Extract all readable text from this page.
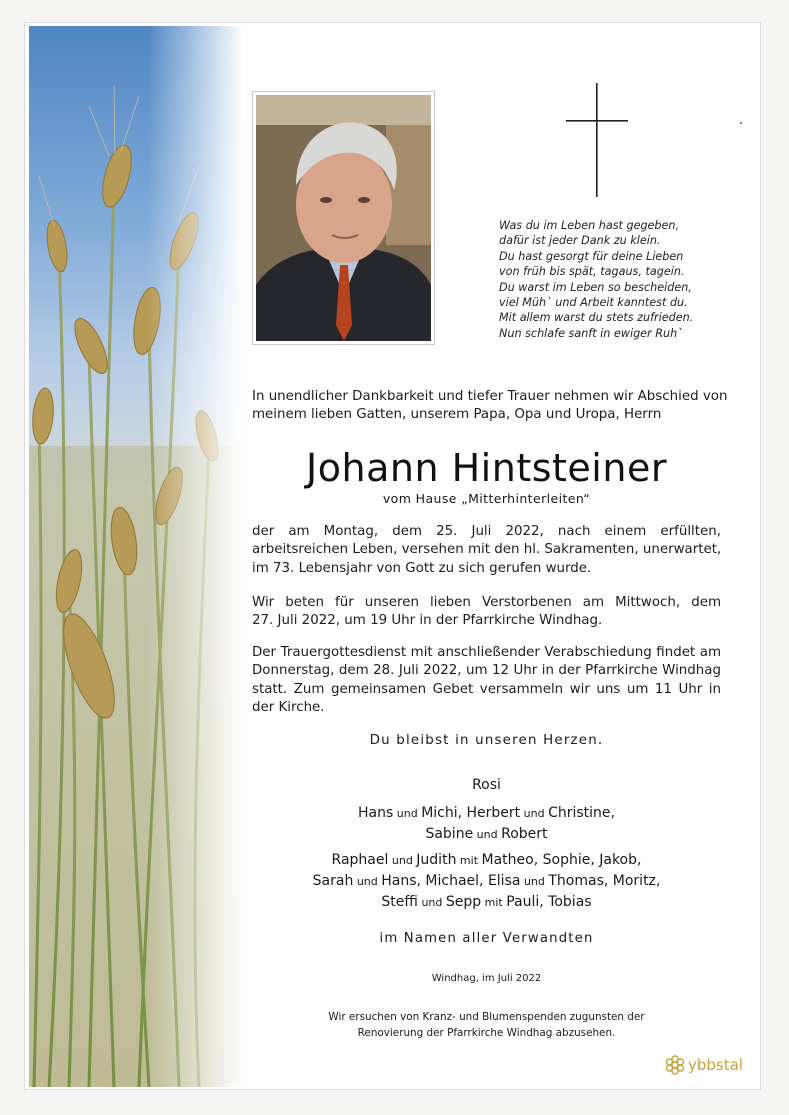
Was du im Leben hast gegeben,
dafür ist jeder Dank zu klein.
Du hast gesorgt für deine Lieben
von früh bis spät, tagaus, tagein.
Du warst im Leben so bescheiden,
viel Müh` und Arbeit kanntest du.
Mit allem warst du stets zufrieden.
Nun schlafe sanft in ewiger Ruh`
In unendlicher Dankbarkeit und tiefer Trauer nehmen wir Abschied von
meinem lieben Gatten, unserem Papa, Opa und Uropa, Herrn
Johann Hintsteiner
vom Hause „Mitterhinterleiten“
der am Montag, dem 25. Juli 2022, nach einem erfüllten,
arbeitsreichen Leben, versehen mit den hl. Sakramenten, unerwartet,
im 73. Lebensjahr von Gott zu sich gerufen wurde.
Wir beten für unseren lieben Verstorbenen am Mittwoch, dem
27. Juli 2022, um 19 Uhr in der Pfarrkirche Windhag.
Der Trauergottesdienst mit anschließender Verabschiedung findet am
Donnerstag, dem 28. Juli 2022, um 12 Uhr in der Pfarrkirche Windhag
statt. Zum gemeinsamen Gebet versammeln wir uns um 11 Uhr in
der Kirche.
Du bleibst in unseren Herzen.
Rosi
Hans und Michi, Herbert und Christine,
Sabine und Robert
Raphael und Judith mit Matheo, Sophie, Jakob,
Sarah und Hans, Michael, Elisa und Thomas, Moritz,
Steffi und Sepp mit Pauli, Tobias
im Namen aller Verwandten
Windhag, im Juli 2022
Wir ersuchen von Kranz- und Blumenspenden zugunsten der
Renovierung der Pfarrkirche Windhag abzusehen.
ybbstal
